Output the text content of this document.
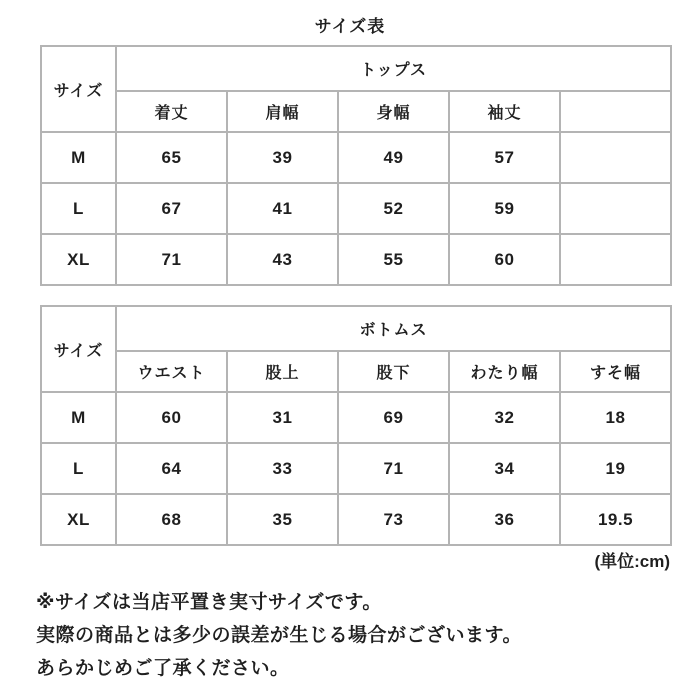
サイズ表
サイズ	トップス				
	着丈	肩幅	身幅	袖丈	
M	65	39	49	57	
L	67	41	52	59	
XL	71	43	55	60	
サイズ	ボトムス				
	ウエスト	股上	股下	わたり幅	すそ幅
M	60	31	69	32	18
L	64	33	71	34	19
XL	68	35	73	36	19.5
(単位:cm)
※サイズは当店平置き実寸サイズです。
実際の商品とは多少の誤差が生じる場合がございます。
あらかじめご了承ください。
